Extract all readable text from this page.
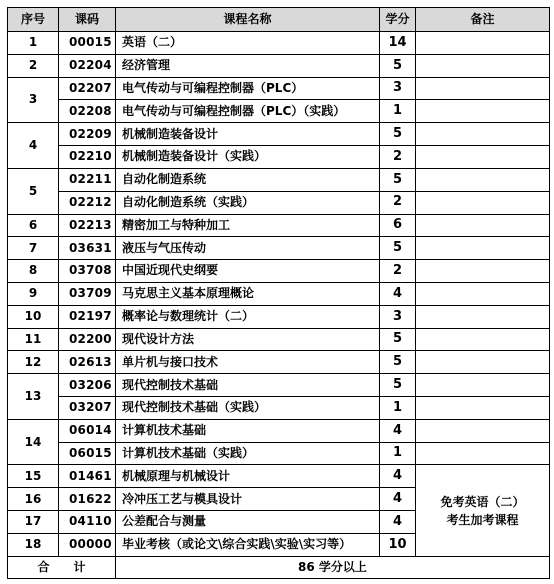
序号	课码	课程名称	学分	备注
1	00015	英语（二）	14	
2	02204	经济管理	5	
3	02207	电气传动与可编程控制器（PLC）	3	
	02208	电气传动与可编程控制器（PLC）（实践）	1	
4	02209	机械制造装备设计	5	
	02210	机械制造装备设计（实践）	2	
5	02211	自动化制造系统	5	
	02212	自动化制造系统（实践）	2	
6	02213	精密加工与特种加工	6	
7	03631	液压与气压传动	5	
8	03708	中国近现代史纲要	2	
9	03709	马克思主义基本原理概论	4	
10	02197	概率论与数理统计（二）	3	
11	02200	现代设计方法	5	
12	02613	单片机与接口技术	5	
13	03206	现代控制技术基础	5	
	03207	现代控制技术基础（实践）	1	
14	06014	计算机技术基础	4	
	06015	计算机技术基础（实践）	1	
15	01461	机械原理与机械设计	4	免考英语（二）
考生加考课程

16	01622	冷冲压工艺与模具设计	4	
17	04110	公差配合与测量	4	
18	00000	毕业考核（或论文\综合实践\实验\实习等）	10	
合 计		86 学分以上		
